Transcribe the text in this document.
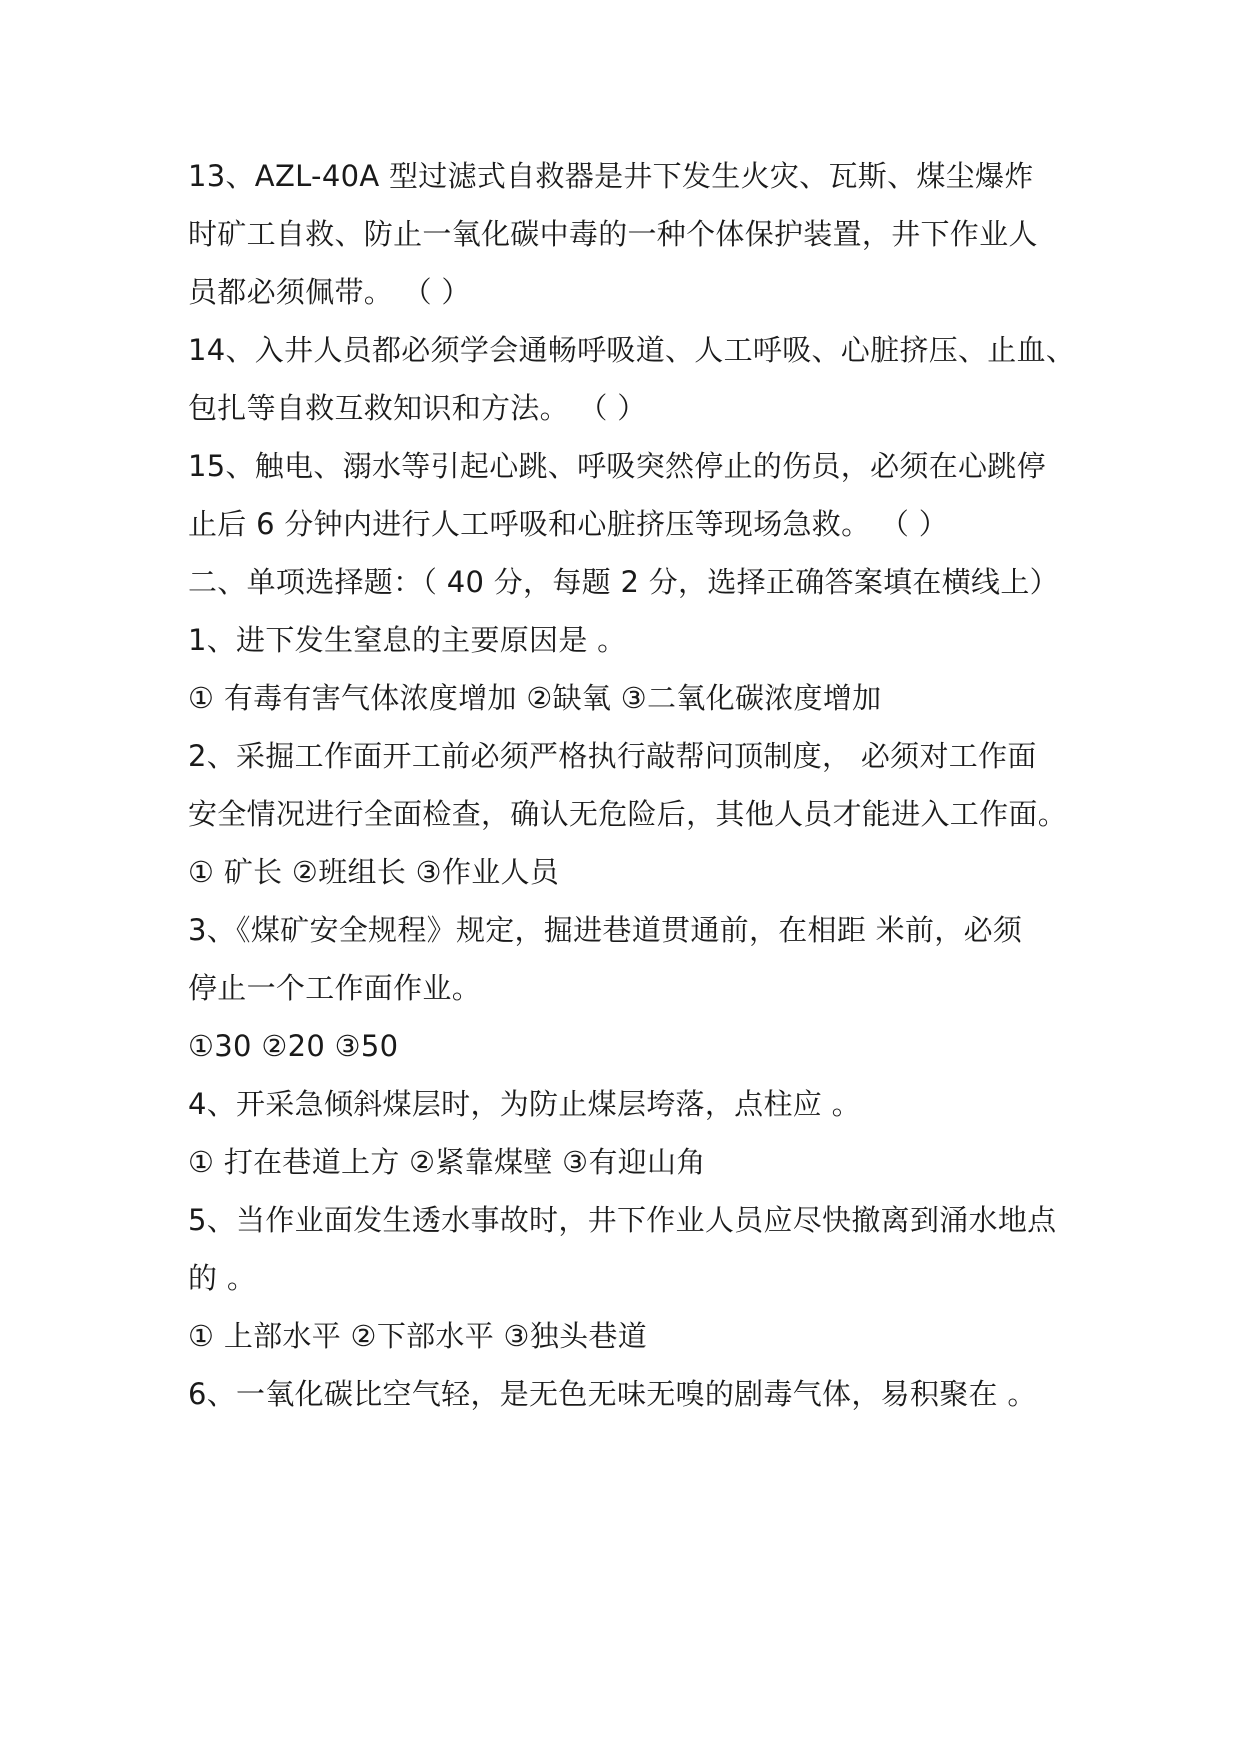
13、AZL-40A 型过滤式自救器是井下发生火灾、瓦斯、煤尘爆炸
时矿工自救、防止一氧化碳中毒的一种个体保护装置，井下作业人
员都必须佩带。 （ ）
14、入井人员都必须学会通畅呼吸道、人工呼吸、心脏挤压、止血、
包扎等自救互救知识和方法。 （ ）
15、触电、溺水等引起心跳、呼吸突然停止的伤员，必须在心跳停
止后 6 分钟内进行人工呼吸和心脏挤压等现场急救。 （ ）
二、单项选择题：（ 40 分，每题 2 分，选择正确答案填在横线上）
1、进下发生窒息的主要原因是 。
① 有毒有害气体浓度增加 ②缺氧 ③二氧化碳浓度增加
2、采掘工作面开工前必须严格执行敲帮问顶制度， 必须对工作面
安全情况进行全面检查，确认无危险后，其他人员才能进入工作面。
① 矿长 ②班组长 ③作业人员
3、《煤矿安全规程》规定，掘进巷道贯通前，在相距 米前，必须
停止一个工作面作业。
①30 ②20 ③50
4、开采急倾斜煤层时，为防止煤层垮落，点柱应 。
① 打在巷道上方 ②紧靠煤壁 ③有迎山角
5、当作业面发生透水事故时，井下作业人员应尽快撤离到涌水地点
的 。
① 上部水平 ②下部水平 ③独头巷道
6、一氧化碳比空气轻，是无色无味无嗅的剧毒气体，易积聚在 。
